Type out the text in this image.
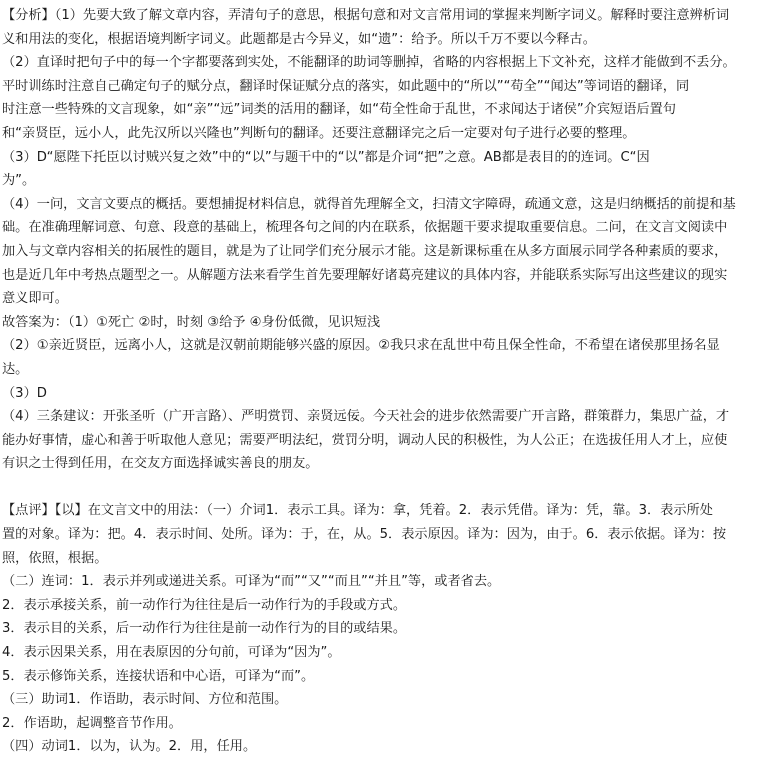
【分析】（1）先要大致了解文章内容，弄清句子的意思，根据句意和对文言常用词的掌握来判断字词义。解释时要注意辨析词
义和用法的变化，根据语境判断字词义。此题都是古今异义，如“遗”：给予。所以千万不要以今释古。
（2）直译时把句子中的每一个字都要落到实处，不能翻译的助词等删掉，省略的内容根据上下文补充，这样才能做到不丢分。
平时训练时注意自己确定句子的赋分点，翻译时保证赋分点的落实，如此题中的“所以”“苟全”“闻达”等词语的翻译，同
时注意一些特殊的文言现象，如“亲”“远”词类的活用的翻译，如“苟全性命于乱世，不求闻达于诸侯”介宾短语后置句
和“亲贤臣，远小人，此先汉所以兴隆也”判断句的翻译。还要注意翻译完之后一定要对句子进行必要的整理。
（3）D“愿陛下托臣以讨贼兴复之效”中的“以”与题干中的“以”都是介词“把”之意。AB都是表目的的连词。C“因
为”。
（4）一问，文言文要点的概括。要想捕捉材料信息，就得首先理解全文，扫清文字障碍，疏通文意，这是归纳概括的前提和基
础。在准确理解词意、句意、段意的基础上，梳理各句之间的内在联系，依据题干要求提取重要信息。二问，在文言文阅读中
加入与文章内容相关的拓展性的题目，就是为了让同学们充分展示才能。这是新课标重在从多方面展示同学各种素质的要求，
也是近几年中考热点题型之一。从解题方法来看学生首先要理解好诸葛亮建议的具体内容，并能联系实际写出这些建议的现实
意义即可。
故答案为：（1）①死亡 ②时，时刻 ③给予 ④身份低微，见识短浅
（2）①亲近贤臣，远离小人，这就是汉朝前期能够兴盛的原因。②我只求在乱世中苟且保全性命，不希望在诸侯那里扬名显
达。
（3）D
（4）三条建议：开张圣听（广开言路）、严明赏罚、亲贤远佞。今天社会的进步依然需要广开言路，群策群力，集思广益，才
能办好事情，虚心和善于听取他人意见；需要严明法纪，赏罚分明，调动人民的积极性，为人公正；在选拔任用人才上，应使
有识之士得到任用，在交友方面选择诚实善良的朋友。
【点评】【以】在文言文中的用法：（一）介词1．表示工具。译为：拿，凭着。2．表示凭借。译为：凭，靠。3．表示所处
置的对象。译为：把。4．表示时间、处所。译为：于，在，从。5．表示原因。译为：因为，由于。6．表示依据。译为：按
照，依照，根据。
（二）连词：1．表示并列或递进关系。可译为“而”“又”“而且”“并且”等，或者省去。
2．表示承接关系，前一动作行为往往是后一动作行为的手段或方式。
3．表示目的关系，后一动作行为往往是前一动作行为的目的或结果。
4．表示因果关系，用在表原因的分句前，可译为“因为”。
5．表示修饰关系，连接状语和中心语，可译为“而”。
（三）助词1．作语助，表示时间、方位和范围。
2．作语助，起调整音节作用。
（四）动词1．以为，认为。2．用，任用。
